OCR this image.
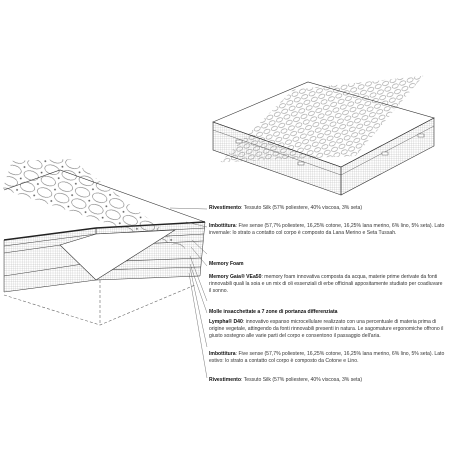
Rivestimento: Tessuto Silk (57% poliestere, 40% viscosa, 3% seta)

Imbottitura: Five sense (57,7% poliestere, 16,25% cotone, 16,25% lana merino, 6% lino, 5% seta). Lato invernale: lo strato a contatto col corpo è composto da Lana Merino e Seta Tussah.

Memory Foam

Memory Gaia® VEa50: memory foam innovativa composta da acqua, materie prime derivate da fonti rinnovabili quali la soia e un mix di oli essenziali di erbe officinali appositamente studiato per coadiuvare il sonno.

Molle insacchettate a 7 zone di portanza differenziata

Lympha® D40: innovativo espanso microcellulare realizzato con una percentuale di materia prima di origine vegetale, attingendo da fonti rinnovabili presenti in natura. Le sagomature ergonomiche offrono il giusto sostegno alle varie parti del corpo e consentono il passaggio dell'aria.

Imbottitura: Five sense (57,7% poliestere, 16,25% cotone, 16,25% lana merino, 6% lino, 5% seta). Lato estivo: lo strato a contatto col corpo è composto da Cotone e Lino.

Rivestimento: Tessuto Silk (57% poliestere, 40% viscosa, 3% seta)
